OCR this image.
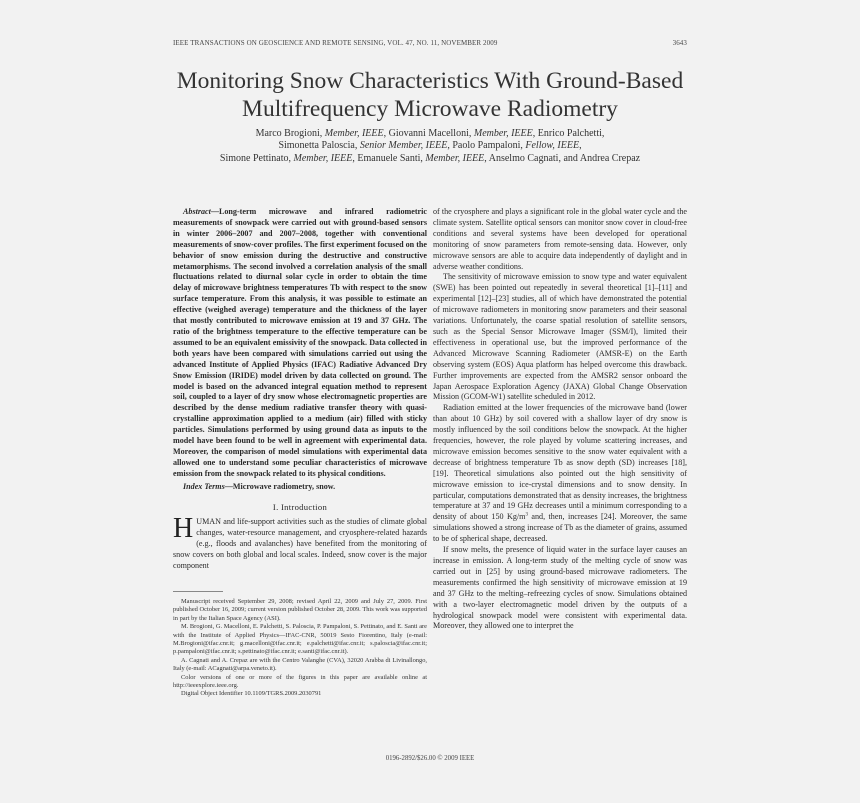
IEEE TRANSACTIONS ON GEOSCIENCE AND REMOTE SENSING, VOL. 47, NO. 11, NOVEMBER 2009	3643
Monitoring Snow Characteristics With Ground-Based
Multifrequency Microwave Radiometry
Marco Brogioni, Member, IEEE, Giovanni Macelloni, Member, IEEE, Enrico Palchetti,
Simonetta Paloscia, Senior Member, IEEE, Paolo Pampaloni, Fellow, IEEE,
Simone Pettinato, Member, IEEE, Emanuele Santi, Member, IEEE, Anselmo Cagnati, and Andrea Crepaz

Abstract—Long-term microwave and infrared radiometric measurements of snowpack were carried out with ground-based sensors in winter 2006–2007 and 2007–2008, together with conventional measurements of snow-cover profiles. The first experiment focused on the behavior of snow emission during the destructive and constructive metamorphisms. The second involved a correlation analysis of the small fluctuations related to diurnal solar cycle in order to obtain the time delay of microwave brightness temperatures Tb with respect to the snow surface temperature. From this analysis, it was possible to estimate an effective (weighed average) temperature and the thickness of the layer that mostly contributed to microwave emission at 19 and 37 GHz. The ratio of the brightness temperature to the effective temperature can be assumed to be an equivalent emissivity of the snowpack. Data collected in both years have been compared with simulations carried out using the advanced Institute of Applied Physics (IFAC) Radiative Advanced Dry Snow Emission (IRIDE) model driven by data collected on ground. The model is based on the advanced integral equation method to represent soil, coupled to a layer of dry snow whose electromagnetic properties are described by the dense medium radiative transfer theory with quasi-crystalline approximation applied to a medium (air) filled with sticky particles. Simulations performed by using ground data as inputs to the model have been found to be well in agreement with experimental data. Moreover, the comparison of model simulations with experimental data allowed one to understand some peculiar characteristics of microwave emission from the snowpack related to its physical conditions.

Index Terms—Microwave radiometry, snow.

I. Introduction
HUMAN and life-support activities such as the studies of climate global changes, water-resource management, and cryosphere-related hazards (e.g., floods and avalanches) have benefited from the monitoring of snow covers on both global and local scales. Indeed, snow cover is the major component

Manuscript received September 29, 2008; revised April 22, 2009 and July 27, 2009. First published October 16, 2009; current version published October 28, 2009. This work was supported in part by the Italian Space Agency (ASI).

M. Brogioni, G. Macelloni, E. Palchetti, S. Paloscia, P. Pampaloni, S. Pettinato, and E. Santi are with the Institute of Applied Physics—IFAC-CNR, 50019 Sesto Fiorentino, Italy (e-mail: M.Brogioni@ifac.cnr.it; g.macelloni@ifac.cnr.it; e.palchetti@ifac.cnr.it; s.paloscia@ifac.cnr.it; p.pampaloni@ifac.cnr.it; s.pettinato@ifac.cnr.it; e.santi@ifac.cnr.it).

A. Cagnati and A. Crepaz are with the Centro Valanghe (CVA), 32020 Arabba di Livinallongo, Italy (e-mail: ACagnati@arpa.veneto.it).

Color versions of one or more of the figures in this paper are available online at http://ieeexplore.ieee.org.

Digital Object Identifier 10.1109/TGRS.2009.2030791

of the cryosphere and plays a significant role in the global water cycle and the climate system. Satellite optical sensors can monitor snow cover in cloud-free conditions and several systems have been developed for operational monitoring of snow parameters from remote-sensing data. However, only microwave sensors are able to acquire data independently of daylight and in adverse weather conditions.

The sensitivity of microwave emission to snow type and water equivalent (SWE) has been pointed out repeatedly in several theoretical [1]–[11] and experimental [12]–[23] studies, all of which have demonstrated the potential of microwave radiometers in monitoring snow parameters and their seasonal variations. Unfortunately, the coarse spatial resolution of satellite sensors, such as the Special Sensor Microwave Imager (SSM/I), limited their effectiveness in operational use, but the improved performance of the Advanced Microwave Scanning Radiometer (AMSR-E) on the Earth observing system (EOS) Aqua platform has helped overcome this drawback. Further improvements are expected from the AMSR2 sensor onboard the Japan Aerospace Exploration Agency (JAXA) Global Change Observation Mission (GCOM-W1) satellite scheduled in 2012.

Radiation emitted at the lower frequencies of the microwave band (lower than about 10 GHz) by soil covered with a shallow layer of dry snow is mostly influenced by the soil conditions below the snowpack. At the higher frequencies, however, the role played by volume scattering increases, and microwave emission becomes sensitive to the snow water equivalent with a decrease of brightness temperature Tb as snow depth (SD) increases [18], [19]. Theoretical simulations also pointed out the high sensitivity of microwave emission to ice-crystal dimensions and to snow density. In particular, computations demonstrated that as density increases, the brightness temperature at 37 and 19 GHz decreases until a minimum corresponding to a density of about 150 $Kg/m^3$ and, then, increases [24]. Moreover, the same simulations showed a strong increase of Tb as the diameter of grains, assumed to be of spherical shape, decreased.

If snow melts, the presence of liquid water in the surface layer causes an increase in emission. A long-term study of the melting cycle of snow was carried out in [25] by using ground-based microwave radiometers. The measurements confirmed the high sensitivity of microwave emission at 19 and 37 GHz to the melting–refreezing cycles of snow. Simulations obtained with a two-layer electromagnetic model driven by the outputs of a hydrological snowpack model were consistent with experimental data. Moreover, they allowed one to interpret the

0196-2892/$26.00 © 2009 IEEE
